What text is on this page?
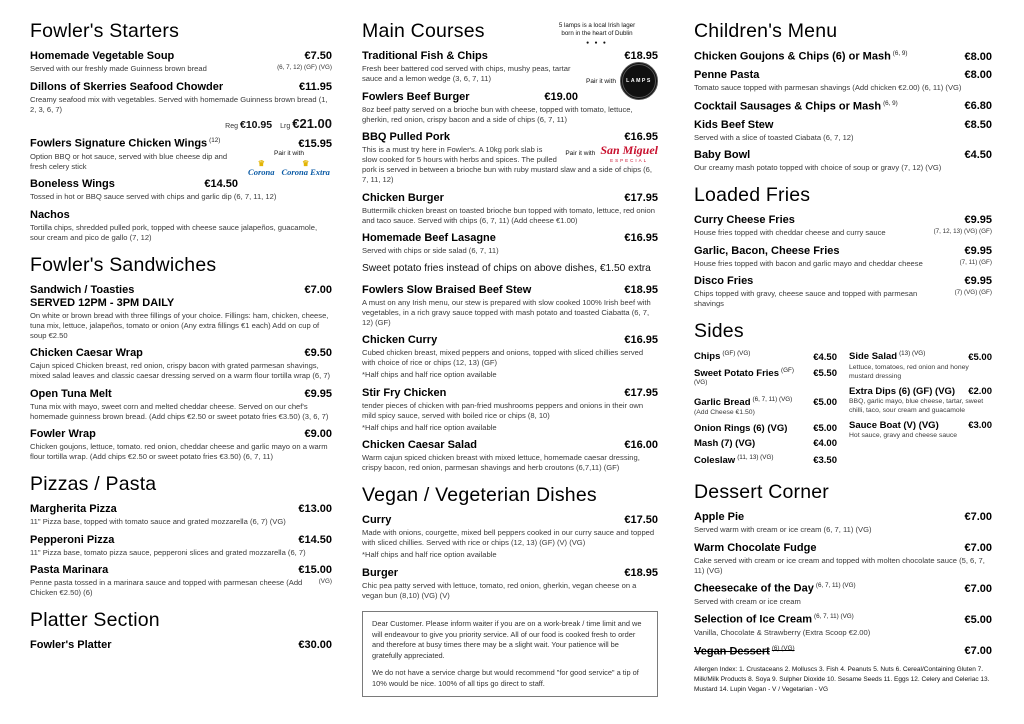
Fowler's Starters
Homemade Vegetable Soup	€7.50
(6, 7, 12) (GF) (VG)
Served with our freshly made Guinness brown bread
Dillons of Skerries Seafood Chowder	€11.95
Creamy seafood mix with vegetables. Served with homemade Guinness brown bread (1, 2, 3, 6, 7)
Reg €10.95 Lrg €21.00
Fowlers Signature Chicken Wings $^{(12)}$	€15.95
Pair it with
♛ Corona ♛ Corona Extra
Option BBQ or hot sauce, served with blue cheese dip and fresh celery stick
Boneless Wings	€14.50
Tossed in hot or BBQ sauce served with chips and garlic dip (6, 7, 11, 12)
Nachos
Tortilla chips, shredded pulled pork, topped with cheese sauce jalapeños, guacamole, sour cream and pico de gallo (7, 12)
Fowler's Sandwiches
Sandwich / Toasties	€7.00
SERVED 12PM - 3PM DAILY
On white or brown bread with three fillings of your choice. Fillings: ham, chicken, cheese, tuna mix, lettuce, jalapeños, tomato or onion (Any extra fillings €1 each) Add on cup of soup €2.50
Chicken Caesar Wrap	€9.50
Cajun spiced Chicken breast, red onion, crispy bacon with grated parmesan shavings, mixed salad leaves and classic caesar dressing served on a warm flour tortilla wrap (6, 7)
Open Tuna Melt	€9.95
Tuna mix with mayo, sweet corn and melted cheddar cheese. Served on our chef's homemade guinness brown bread. (Add chips €2.50 or sweet potato fries €3.50) (3, 6, 7)
Fowler Wrap	€9.00
Chicken goujons, lettuce, tomato. red onion, cheddar cheese and garlic mayo on a warm flour tortilla wrap. (Add chips €2.50 or sweet potato fries €3.50) (6, 7, 11)
Pizzas / Pasta
Margherita Pizza	€13.00
11" Pizza base, topped with tomato sauce and grated mozzarella (6, 7) (VG)
Pepperoni Pizza	€14.50
11" Pizza base, tomato pizza sauce, pepperoni slices and grated mozzarella (6, 7)
Pasta Marinara	€15.00
(VG)
Penne pasta tossed in a marinara sauce and topped with parmesan cheese (Add Chicken €2.50) (6)
Platter Section
Fowler's Platter	€30.00
5 lamps is a local Irish lager
born in the heart of Dublin
● ● ●
Main Courses
Traditional Fish & Chips	€18.95
Pair it with	LAMPS
Fresh beer battered cod served with chips, mushy peas, tartar sauce and a lemon wedge (3, 6, 7, 11)
Fowlers Beef Burger	€19.00
8oz beef patty served on a brioche bun with cheese, topped with tomato, lettuce, gherkin, red onion, crispy bacon and a side of chips (6, 7, 11)
BBQ Pulled Pork	€16.95
Pair it with San Miguel
ESPECIAL
This is a must try here in Fowler's. A 10kg pork slab is slow cooked for 5 hours with herbs and spices. The pulled pork is served in between a brioche bun with ruby mustard slaw and a side of chips (6, 7, 11, 12)
Chicken Burger	€17.95
Buttermilk chicken breast on toasted brioche bun topped with tomato, lettuce, red onion and taco sauce. Served with chips (6, 7, 11) (Add cheese €1.00)
Homemade Beef Lasagne	€16.95
Served with chips or side salad (6, 7, 11)
Sweet potato fries instead of chips on above dishes, €1.50 extra
Fowlers Slow Braised Beef Stew	€18.95
A must on any Irish menu, our stew is prepared with slow cooked 100% Irish beef with vegetables, in a rich gravy sauce topped with mash potato and toasted Ciabatta (6, 7, 12) (GF)
Chicken Curry	€16.95
Cubed chicken breast, mixed peppers and onions, topped with sliced chillies served with choice of rice or chips (12, 13) (GF)
*Half chips and half rice option available
Stir Fry Chicken	€17.95
tender pieces of chicken with pan-fried mushrooms peppers and onions in their own mild spicy sauce, served with boiled rice or chips (8, 10)
*Half chips and half rice option available
Chicken Caesar Salad	€16.00
Warm cajun spiced chicken breast with mixed lettuce, homemade caesar dressing, crispy bacon, red onion, parmesan shavings and herb croutons (6,7,11) (GF)
Vegan / Vegeterian Dishes
Curry	€17.50
Made with onions, courgette, mixed bell peppers cooked in our curry sauce and topped with sliced chillies. Served with rice or chips (12, 13) (GF) (V) (VG)
*Half chips and half rice option available
Burger	€18.95
Chic pea patty served with lettuce, tomato, red onion, gherkin, vegan cheese on a vegan bun (8,10) (VG) (V)

Dear Customer. Please inform waiter if you are on a work-break / time limit and we will endeavour to give you priority service. All of our food is cooked fresh to order and therefore at busy times there may be a slight wait. Your patience will be gratefully appreciated.

We do not have a service charge but would recommend "for good service" a tip of 10% would be nice. 100% of all tips go direct to staff.

Children's Menu
Chicken Goujons & Chips (6) or Mash $^{(6, 9)}$	€8.00
Penne Pasta	€8.00
Tomato sauce topped with parmesan shavings (Add chicken €2.00) (6, 11) (VG)
Cocktail Sausages & Chips or Mash $^{(6, 9)}$	€6.80
Kids Beef Stew	€8.50
Served with a slice of toasted Ciabata (6, 7, 12)
Baby Bowl	€4.50
Our creamy mash potato topped with choice of soup or gravy (7, 12) (VG)
Loaded Fries
Curry Cheese Fries	€9.95
(7, 12, 13) (VG) (GF)
House fries topped with cheddar cheese and curry sauce
Garlic, Bacon, Cheese Fries	€9.95
(7, 11) (GF)
House fries topped with bacon and garlic mayo and cheddar cheese
Disco Fries	€9.95
(7) (VG) (GF)
Chips topped with gravy, cheese sauce and topped with parmesan shavings
Sides
Chips $^{(GF) (VG)}$	€4.50
Sweet Potato Fries $^{(GF) (VG)}$
€5.50
Garlic Bread $^{(6, 7, 11) (VG)}$ €5.00
(Add Cheese €1.50)
Onion Rings (6) (VG)	€5.00
Mash (7) (VG)	€4.00
Coleslaw $^{(11, 13) (VG)}$	€3.50
Side Salad $^{(13) (VG)}$	€5.00
Lettuce, tomatoes, red onion and honey mustard dressing
Extra Dips (6) (GF) (VG) €2.00
BBQ, garlic mayo, blue cheese, tartar, sweet chilli, taco, sour cream and guacamole
Sauce Boat (V) (VG)	€3.00
Hot sauce, gravy and cheese sauce
Dessert Corner
Apple Pie	€7.00
Served warm with cream or ice cream (6, 7, 11) (VG)
Warm Chocolate Fudge	€7.00
Cake served with cream or ice cream and topped with molten chocolate sauce (5, 6, 7, 11) (VG)
Cheesecake of the Day $^{(6, 7, 11) (VG)}$	€7.00
Served with cream or ice cream
Selection of Ice Cream $^{(6, 7, 11) (VG)}$	€5.00
Vanilla, Chocolate & Strawberry (Extra Scoop €2.00)
Vegan Dessert $^{(6) (VG)}$	€7.00
Allergen Index: 1. Crustaceans 2. Molluscs 3. Fish 4. Peanuts 5. Nuts 6. Cereal/Containing Gluten 7. Milk/Milk Products 8. Soya 9. Sulpher Dioxide 10. Sesame Seeds 11. Eggs 12. Celery and Celeriac 13. Mustard 14. Lupin Vegan - V / Vegetarian - VG
